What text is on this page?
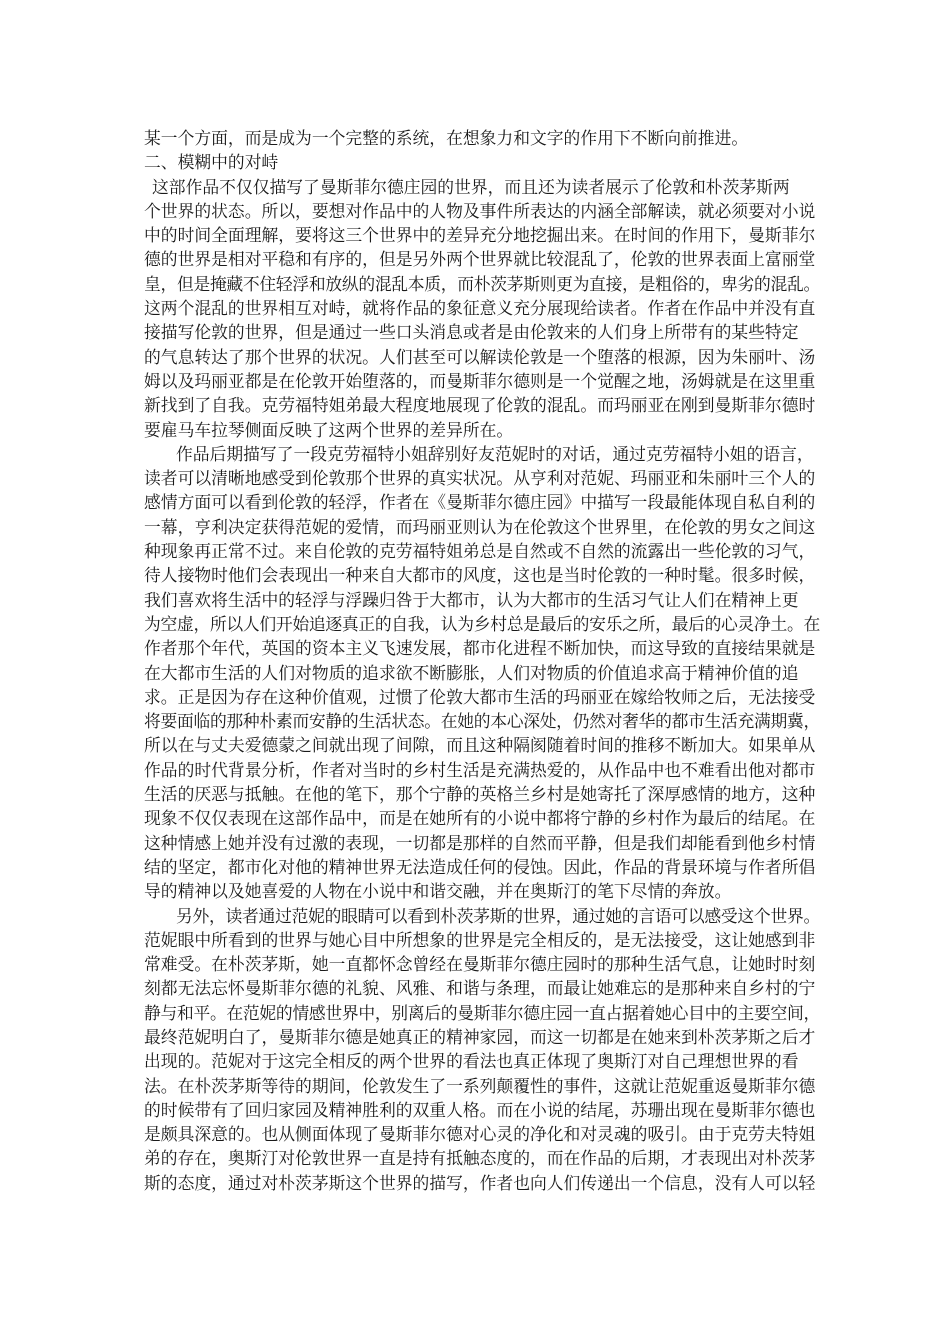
某一个方面，而是成为一个完整的系统，在想象力和文字的作用下不断向前推进。
二、模糊中的对峙
这部作品不仅仅描写了曼斯菲尔德庄园的世界，而且还为读者展示了伦敦和朴茨茅斯两
个世界的状态。所以，要想对作品中的人物及事件所表达的内涵全部解读，就必须要对小说
中的时间全面理解，要将这三个世界中的差异充分地挖掘出来。在时间的作用下，曼斯菲尔
德的世界是相对平稳和有序的，但是另外两个世界就比较混乱了，伦敦的世界表面上富丽堂
皇，但是掩藏不住轻浮和放纵的混乱本质，而朴茨茅斯则更为直接，是粗俗的，卑劣的混乱。
这两个混乱的世界相互对峙，就将作品的象征意义充分展现给读者。作者在作品中并没有直
接描写伦敦的世界，但是通过一些口头消息或者是由伦敦来的人们身上所带有的某些特定
的气息转达了那个世界的状况。人们甚至可以解读伦敦是一个堕落的根源，因为朱丽叶、汤
姆以及玛丽亚都是在伦敦开始堕落的，而曼斯菲尔德则是一个觉醒之地，汤姆就是在这里重
新找到了自我。克劳福特姐弟最大程度地展现了伦敦的混乱。而玛丽亚在刚到曼斯菲尔德时
要雇马车拉琴侧面反映了这两个世界的差异所在。
作品后期描写了一段克劳福特小姐辞别好友范妮时的对话，通过克劳福特小姐的语言，
读者可以清晰地感受到伦敦那个世界的真实状况。从亨利对范妮、玛丽亚和朱丽叶三个人的
感情方面可以看到伦敦的轻浮，作者在《曼斯菲尔德庄园》中描写一段最能体现自私自利的
一幕，亨利决定获得范妮的爱情，而玛丽亚则认为在伦敦这个世界里，在伦敦的男女之间这
种现象再正常不过。来自伦敦的克劳福特姐弟总是自然或不自然的流露出一些伦敦的习气，
待人接物时他们会表现出一种来自大都市的风度，这也是当时伦敦的一种时髦。很多时候，
我们喜欢将生活中的轻浮与浮躁归咎于大都市，认为大都市的生活习气让人们在精神上更
为空虚，所以人们开始追逐真正的自我，认为乡村总是最后的安乐之所，最后的心灵净土。在
作者那个年代，英国的资本主义飞速发展，都市化进程不断加快，而这导致的直接结果就是
在大都市生活的人们对物质的追求欲不断膨胀，人们对物质的价值追求高于精神价值的追
求。正是因为存在这种价值观，过惯了伦敦大都市生活的玛丽亚在嫁给牧师之后，无法接受
将要面临的那种朴素而安静的生活状态。在她的本心深处，仍然对奢华的都市生活充满期冀，
所以在与丈夫爱德蒙之间就出现了间隙，而且这种隔阂随着时间的推移不断加大。如果单从
作品的时代背景分析，作者对当时的乡村生活是充满热爱的，从作品中也不难看出他对都市
生活的厌恶与抵触。在他的笔下，那个宁静的英格兰乡村是她寄托了深厚感情的地方，这种
现象不仅仅表现在这部作品中，而是在她所有的小说中都将宁静的乡村作为最后的结尾。在
这种情感上她并没有过激的表现，一切都是那样的自然而平静，但是我们却能看到他乡村情
结的坚定，都市化对他的精神世界无法造成任何的侵蚀。因此，作品的背景环境与作者所倡
导的精神以及她喜爱的人物在小说中和谐交融，并在奥斯汀的笔下尽情的奔放。
另外，读者通过范妮的眼睛可以看到朴茨茅斯的世界，通过她的言语可以感受这个世界。
范妮眼中所看到的世界与她心目中所想象的世界是完全相反的，是无法接受，这让她感到非
常难受。在朴茨茅斯，她一直都怀念曾经在曼斯菲尔德庄园时的那种生活气息，让她时时刻
刻都无法忘怀曼斯菲尔德的礼貌、风雅、和谐与条理，而最让她难忘的是那种来自乡村的宁
静与和平。在范妮的情感世界中，别离后的曼斯菲尔德庄园一直占据着她心目中的主要空间，
最终范妮明白了，曼斯菲尔德是她真正的精神家园，而这一切都是在她来到朴茨茅斯之后才
出现的。范妮对于这完全相反的两个世界的看法也真正体现了奥斯汀对自己理想世界的看
法。在朴茨茅斯等待的期间，伦敦发生了一系列颠覆性的事件，这就让范妮重返曼斯菲尔德
的时候带有了回归家园及精神胜利的双重人格。而在小说的结尾，苏珊出现在曼斯菲尔德也
是颇具深意的。也从侧面体现了曼斯菲尔德对心灵的净化和对灵魂的吸引。由于克劳夫特姐
弟的存在，奥斯汀对伦敦世界一直是持有抵触态度的，而在作品的后期，才表现出对朴茨茅
斯的态度，通过对朴茨茅斯这个世界的描写，作者也向人们传递出一个信息，没有人可以轻
